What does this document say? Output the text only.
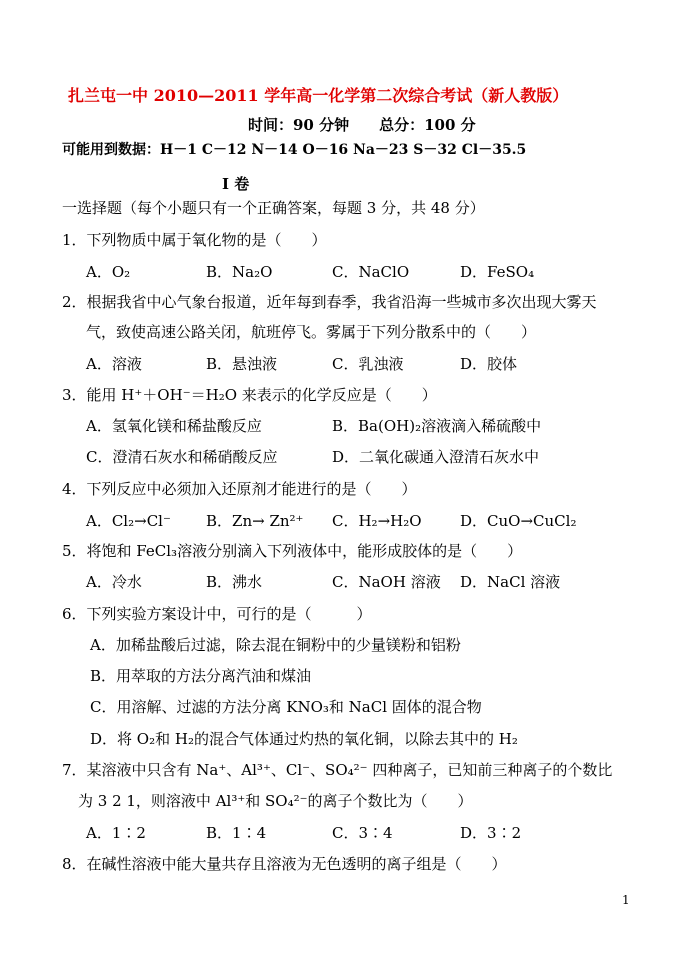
扎兰屯一中 2010—2011 学年高一化学第二次综合考试（新人教版）
时间：90 分钟　　总分：100 分
可能用到数据：H－1 C－12 N－14 O－16 Na－23 S－32 Cl－35.5
I 卷
一选择题（每个小题只有一个正确答案，每题 3 分，共 48 分）
1．下列物质中属于氧化物的是（　　）
A．O₂	B．Na₂O	C．NaClO	D．FeSO₄
2．根据我省中心气象台报道，近年每到春季，我省沿海一些城市多次出现大雾天
气，致使高速公路关闭，航班停飞。雾属于下列分散系中的（　　）
A．溶液	B．悬浊液	C．乳浊液	D．胶体
3．能用 H⁺＋OH⁻＝H₂O 来表示的化学反应是（　　）
A．氢氧化镁和稀盐酸反应	B．Ba(OH)₂溶液滴入稀硫酸中
C．澄清石灰水和稀硝酸反应	D．二氧化碳通入澄清石灰水中
4．下列反应中必须加入还原剂才能进行的是（　　）
A．Cl₂→Cl⁻ B．Zn→ Zn²⁺ C．H₂→H₂O	D．CuO→CuCl₂
5．将饱和 FeCl₃溶液分别滴入下列液体中，能形成胶体的是（　　）
A．冷水	B．沸水	C．NaOH 溶液 D．NaCl 溶液
6．下列实验方案设计中，可行的是（　　　）
A．加稀盐酸后过滤，除去混在铜粉中的少量镁粉和铝粉
B．用萃取的方法分离汽油和煤油
C．用溶解、过滤的方法分离 KNO₃和 NaCl 固体的混合物
D．将 O₂和 H₂的混合气体通过灼热的氧化铜，以除去其中的 H₂
7．某溶液中只含有 Na⁺、Al³⁺、Cl⁻、SO₄²⁻ 四种离子，已知前三种离子的个数比
为 3 2 1，则溶液中 Al³⁺和 SO₄²⁻的离子个数比为（　　）
A．1∶2	B．1∶4	C．3∶4	D．3∶2
8．在碱性溶液中能大量共存且溶液为无色透明的离子组是（　　）
1
